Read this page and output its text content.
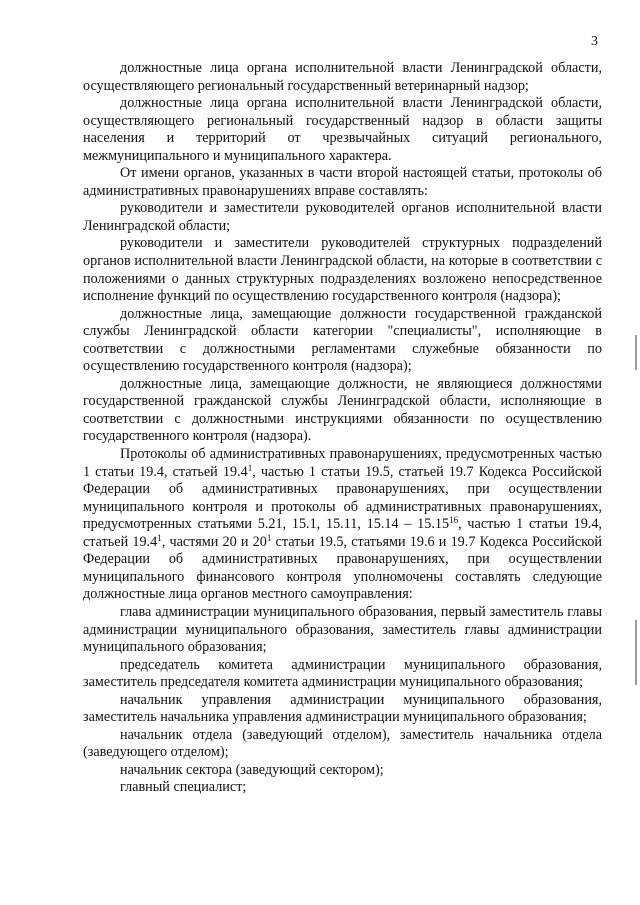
3

должностные лица органа исполнительной власти Ленинградской области, осуществляющего региональный государственный ветеринарный надзор;

должностные лица органа исполнительной власти Ленинградской области, осуществляющего региональный государственный надзор в области защиты населения и территорий от чрезвычайных ситуаций регионального, межмуниципального и муниципального характера.

От имени органов, указанных в части второй настоящей статьи, протоколы об административных правонарушениях вправе составлять:

руководители и заместители руководителей органов исполнительной власти Ленинградской области;

руководители и заместители руководителей структурных подразделений органов исполнительной власти Ленинградской области, на которые в соответствии с положениями о данных структурных подразделениях возложено непосредственное исполнение функций по осуществлению государственного контроля (надзора);

должностные лица, замещающие должности государственной гражданской службы Ленинградской области категории "специалисты", исполняющие в соответствии с должностными регламентами служебные обязанности по осуществлению государственного контроля (надзора);

должностные лица, замещающие должности, не являющиеся должностями государственной гражданской службы Ленинградской области, исполняющие в соответствии с должностными инструкциями обязанности по осуществлению государственного контроля (надзора).

Протоколы об административных правонарушениях, предусмотренных частью 1 статьи 19.4, статьей 19.4$^1$, частью 1 статьи 19.5, статьей 19.7 Кодекса Российской Федерации об административных правонарушениях, при осуществлении муниципального контроля и протоколы об административных правонарушениях, предусмотренных статьями 5.21, 15.1, 15.11, 15.14 – 15.15$^{16}$, частью 1 статьи 19.4, статьей 19.4$^1$, частями 20 и $20^1$ статьи 19.5, статьями 19.6 и 19.7 Кодекса Российской Федерации об административных правонарушениях, при осуществлении муниципального финансового контроля уполномочены составлять следующие должностные лица органов местного самоуправления:

глава администрации муниципального образования, первый заместитель главы администрации муниципального образования, заместитель главы администрации муниципального образования;

председатель комитета администрации муниципального образования, заместитель председателя комитета администрации муниципального образования;

начальник управления администрации муниципального образования, заместитель начальника управления администрации муниципального образования;

начальник отдела (заведующий отделом), заместитель начальника отдела (заведующего отделом);

начальник сектора (заведующий сектором);

главный специалист;
